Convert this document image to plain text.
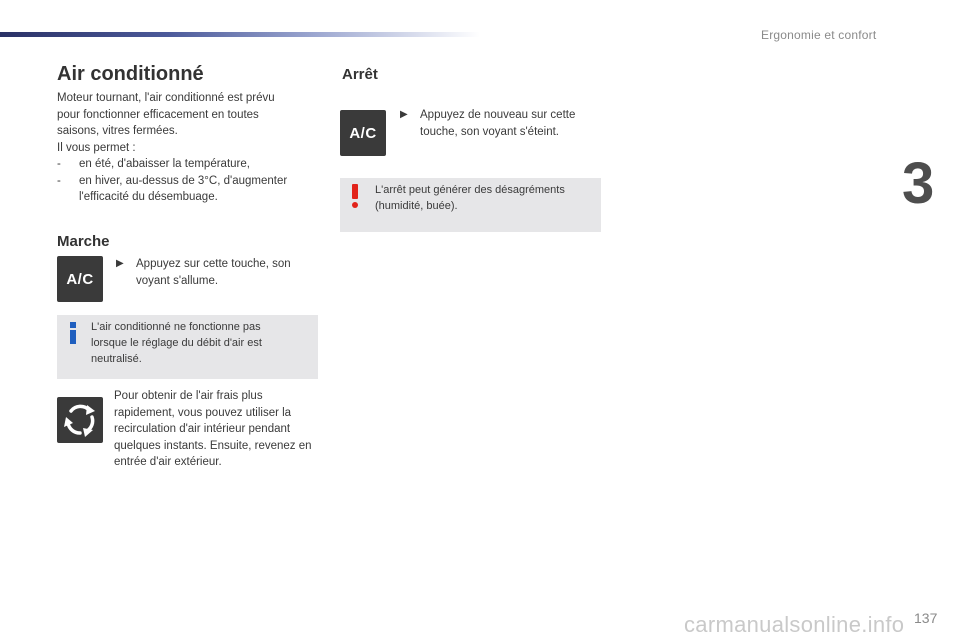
Ergonomie et confort
3
137
Air conditionné
Moteur tournant, l'air conditionné est prévu
pour fonctionner efficacement en toutes
saisons, vitres fermées.
Il vous permet :
- en été, d'abaisser la température,
- en hiver, au-dessus de 3°C, d'augmenter l'efficacité du désembuage.
Marche
A/C
▶	Appuyez sur cette touche, son voyant s'allume.
L'air conditionné ne fonctionne pas lorsque le réglage du débit d'air est neutralisé.
Pour obtenir de l'air frais plus rapidement, vous pouvez utiliser la recirculation d'air intérieur pendant quelques instants. Ensuite, revenez en entrée d'air extérieur.
Arrêt
A/C
▶	Appuyez de nouveau sur cette touche, son voyant s'éteint.
L'arrêt peut générer des désagréments (humidité, buée).
carmanualsonline.info
